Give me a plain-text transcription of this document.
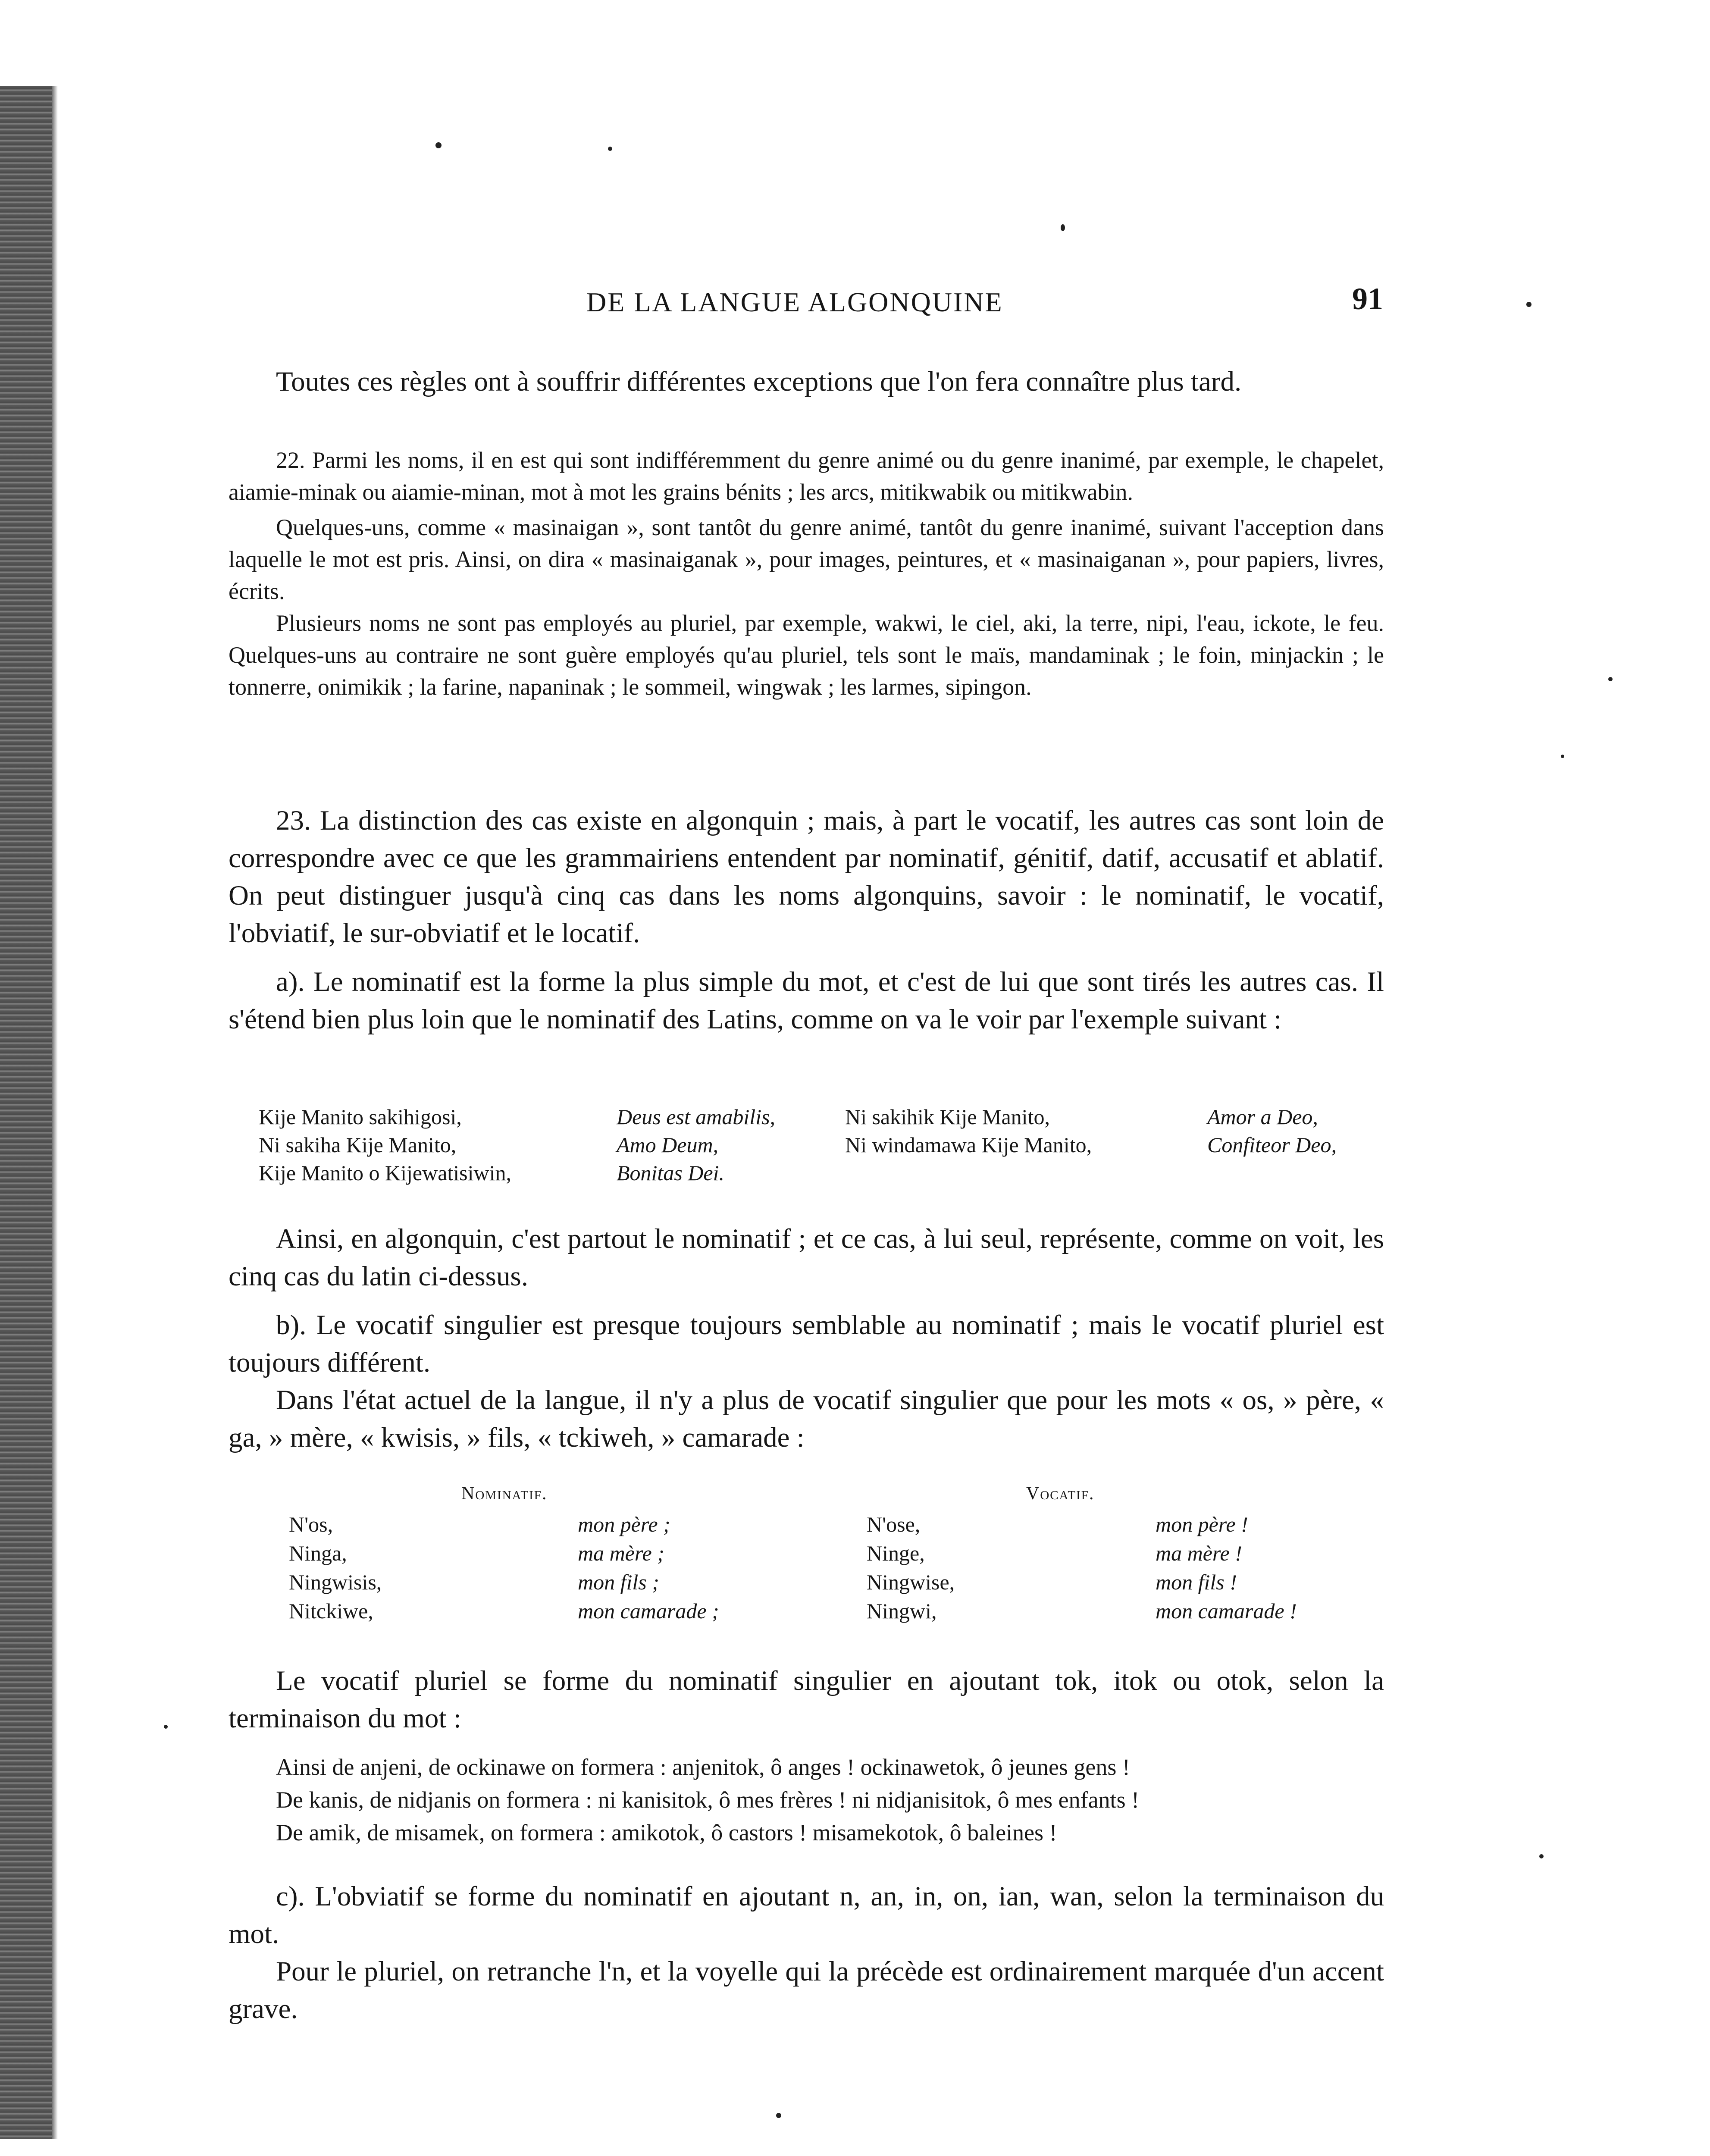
DE LA LANGUE ALGONQUINE	91

Toutes ces règles ont à souffrir différentes exceptions que l'on fera connaître plus tard.

22. Parmi les noms, il en est qui sont indifféremment du genre animé ou du genre inanimé, par exemple, le chapelet, aiamie-minak ou aiamie-minan, mot à mot les grains bénits ; les arcs, mitikwabik ou mitikwabin.

Quelques-uns, comme « masinaigan », sont tantôt du genre animé, tantôt du genre inanimé, suivant l'acception dans laquelle le mot est pris. Ainsi, on dira « masinaiganak », pour images, peintures, et « masinaiganan », pour papiers, livres, écrits.

Plusieurs noms ne sont pas employés au pluriel, par exemple, wakwi, le ciel, aki, la terre, nipi, l'eau, ickote, le feu. Quelques-uns au contraire ne sont guère employés qu'au pluriel, tels sont le maïs, mandaminak ; le foin, minjackin ; le tonnerre, onimikik ; la farine, napaninak ; le sommeil, wingwak ; les larmes, sipingon.

23. La distinction des cas existe en algonquin ; mais, à part le vocatif, les autres cas sont loin de correspondre avec ce que les grammairiens entendent par nominatif, génitif, datif, accusatif et ablatif. On peut distinguer jusqu'à cinq cas dans les noms algonquins, savoir : le nominatif, le vocatif, l'obviatif, le sur-obviatif et le locatif.

a). Le nominatif est la forme la plus simple du mot, et c'est de lui que sont tirés les autres cas. Il s'étend bien plus loin que le nominatif des Latins, comme on va le voir par l'exemple suivant :

Kije Manito sakihigosi,	Deus est amabilis,	Ni sakihik Kije Manito,	Amor a Deo,
Ni sakiha Kije Manito,	Amo Deum,	Ni windamawa Kije Manito,	Confiteor Deo,
Kije Manito o Kijewatisiwin,	Bonitas Dei.

Ainsi, en algonquin, c'est partout le nominatif ; et ce cas, à lui seul, représente, comme on voit, les cinq cas du latin ci-dessus.

b). Le vocatif singulier est presque toujours semblable au nominatif ; mais le vocatif pluriel est toujours différent.

Dans l'état actuel de la langue, il n'y a plus de vocatif singulier que pour les mots « os, » père, « ga, » mère, « kwisis, » fils, « tckiweh, » camarade :

Nominatif.	Vocatif.
N'os,	mon père ;	N'ose,	mon père !
Ninga,	ma mère ;	Ninge,	ma mère !
Ningwisis,	mon fils ;	Ningwise,	mon fils !
Nitckiwe,	mon camarade ;	Ningwi,	mon camarade !

Le vocatif pluriel se forme du nominatif singulier en ajoutant tok, itok ou otok, selon la terminaison du mot :

Ainsi de anjeni, de ockinawe on formera : anjenitok, ô anges ! ockinawetok, ô jeunes gens !

De kanis, de nidjanis on formera : ni kanisitok, ô mes frères ! ni nidjanisitok, ô mes enfants !

De amik, de misamek, on formera : amikotok, ô castors ! misamekotok, ô baleines !

c). L'obviatif se forme du nominatif en ajoutant n, an, in, on, ian, wan, selon la terminaison du mot.

Pour le pluriel, on retranche l'n, et la voyelle qui la précède est ordinairement marquée d'un accent grave.
